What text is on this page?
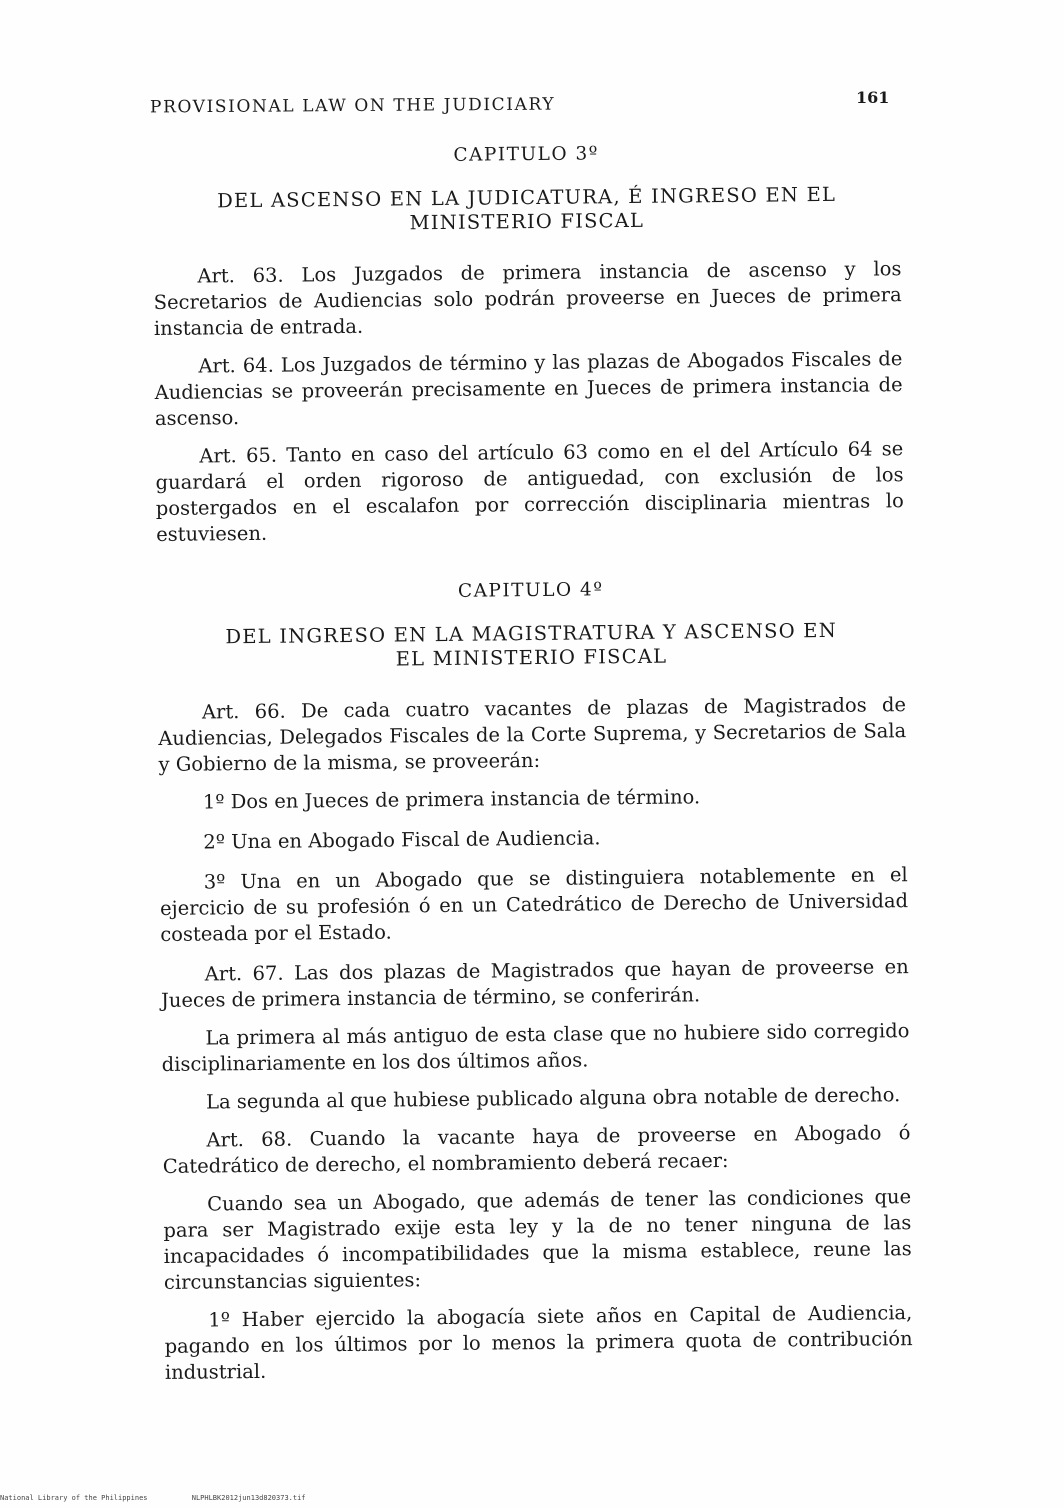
PROVISIONAL LAW ON THE JUDICIARY	161
CAPITULO 3º
DEL ASCENSO EN LA JUDICATURA, É INGRESO EN EL
MINISTERIO FISCAL

Art. 63. Los Juzgados de primera instancia de ascenso y los Secretarios de Audiencias solo podrán proveerse en Jueces de primera instancia de entrada.

Art. 64. Los Juzgados de término y las plazas de Abogados Fiscales de Audiencias se proveerán precisamente en Jueces de primera instancia de ascenso.

Art. 65. Tanto en caso del artículo 63 como en el del Artículo 64 se guardará el orden rigoroso de antiguedad, con exclusión de los postergados en el escalafon por corrección disciplinaria mientras lo estuviesen.

CAPITULO 4º
DEL INGRESO EN LA MAGISTRATURA Y ASCENSO EN
EL MINISTERIO FISCAL

Art. 66. De cada cuatro vacantes de plazas de Magistrados de Audiencias, Delegados Fiscales de la Corte Suprema, y Secretarios de Sala y Gobierno de la misma, se proveerán:

1º Dos en Jueces de primera instancia de término.

2º Una en Abogado Fiscal de Audiencia.

3º Una en un Abogado que se distinguiera notablemente en el ejercicio de su profesión ó en un Catedrático de Derecho de Universidad costeada por el Estado.

Art. 67. Las dos plazas de Magistrados que hayan de proveerse en Jueces de primera instancia de término, se conferirán.

La primera al más antiguo de esta clase que no hubiere sido corregido disciplinariamente en los dos últimos años.

La segunda al que hubiese publicado alguna obra notable de derecho.

Art. 68. Cuando la vacante haya de proveerse en Abogado ó Catedrático de derecho, el nombramiento deberá recaer:

Cuando sea un Abogado, que además de tener las condiciones que para ser Magistrado exije esta ley y la de no tener ninguna de las incapacidades ó incompatibilidades que la misma establece, reune las circunstancias siguientes:

1º Haber ejercido la abogacía siete años en Capital de Audiencia, pagando en los últimos por lo menos la primera quota de contribución industrial.

National Library of the Philippines	NLPHLBK2012jun13d820373.tif
